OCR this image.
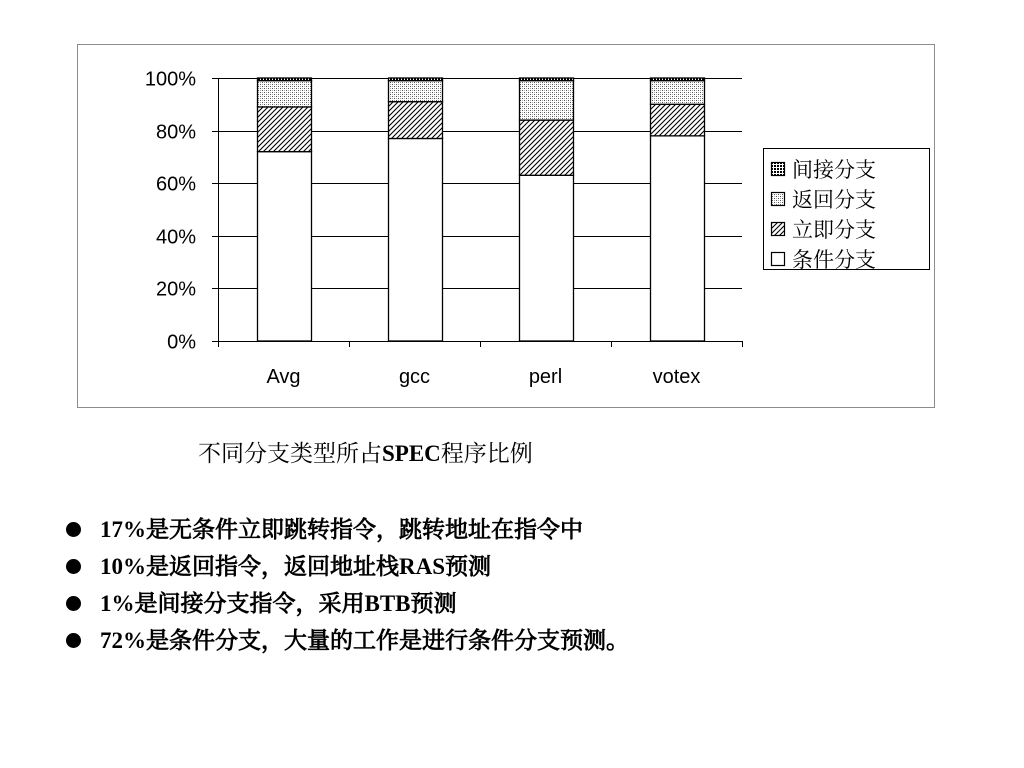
0%
20%
40%
60%
80%
100%
Avg	gcc	perl	votex
间接分支
返回分支
立即分支
条件分支

不同分支类型所占SPEC程序比例

17%是无条件立即跳转指令，跳转地址在指令中
10%是返回指令，返回地址栈RAS预测
1%是间接分支指令，采用BTB预测
72%是条件分支，大量的工作是进行条件分支预测。
